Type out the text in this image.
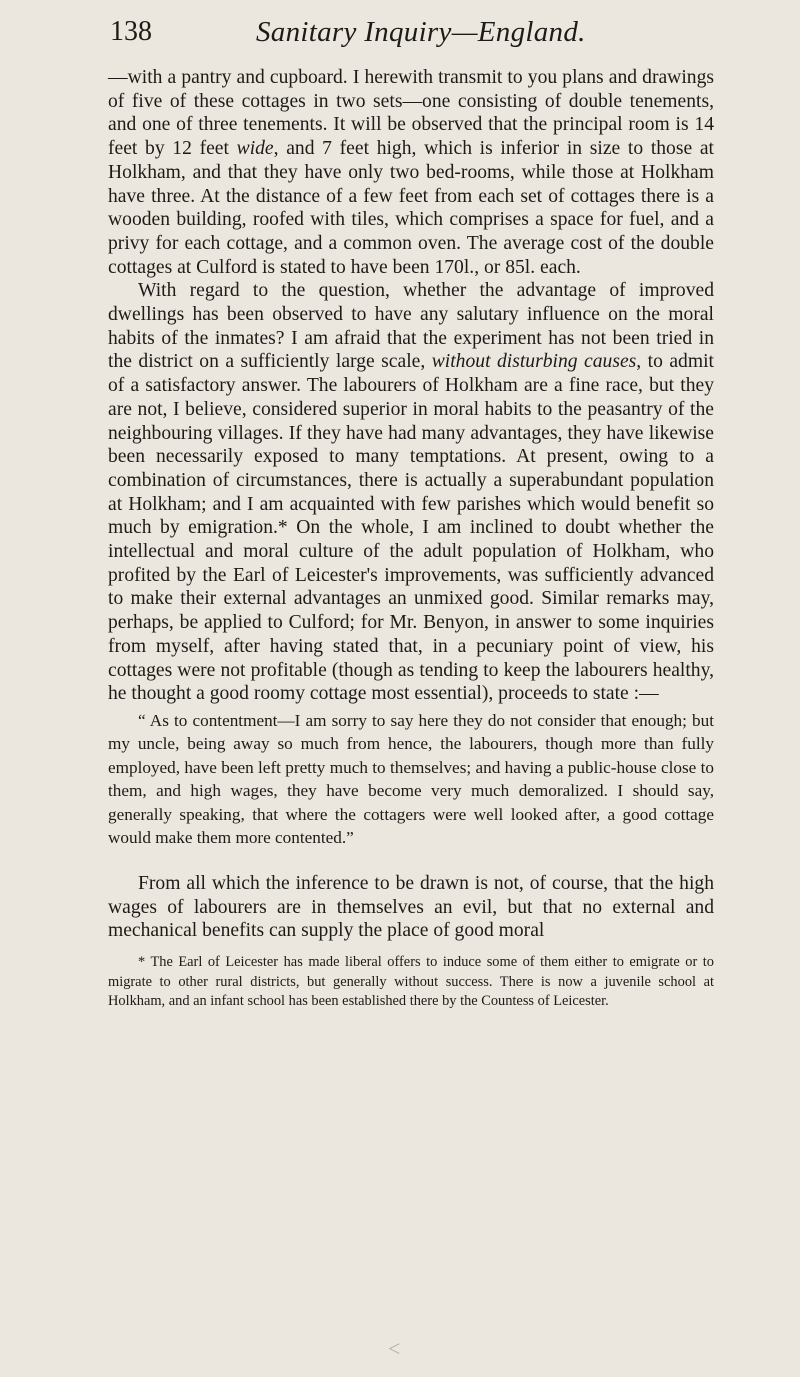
138	Sanitary Inquiry—England.

—with a pantry and cupboard. I herewith transmit to you plans and drawings of five of these cottages in two sets—one consisting of double tenements, and one of three tenements. It will be observed that the principal room is 14 feet by 12 feet wide, and 7 feet high, which is inferior in size to those at Holkham, and that they have only two bed-rooms, while those at Holkham have three. At the distance of a few feet from each set of cottages there is a wooden building, roofed with tiles, which comprises a space for fuel, and a privy for each cottage, and a common oven. The average cost of the double cottages at Culford is stated to have been 170l., or 85l. each.

With regard to the question, whether the advantage of improved dwellings has been observed to have any salutary influence on the moral habits of the inmates? I am afraid that the experiment has not been tried in the district on a sufficiently large scale, without disturbing causes, to admit of a satisfactory answer. The labourers of Holkham are a fine race, but they are not, I believe, considered superior in moral habits to the peasantry of the neighbouring villages. If they have had many advantages, they have likewise been necessarily exposed to many temptations. At present, owing to a combination of circumstances, there is actually a superabundant population at Holkham; and I am acquainted with few parishes which would benefit so much by emigration.* On the whole, I am inclined to doubt whether the intellectual and moral culture of the adult population of Holkham, who profited by the Earl of Leicester's improvements, was sufficiently advanced to make their external advantages an unmixed good. Similar remarks may, perhaps, be applied to Culford; for Mr. Benyon, in answer to some inquiries from myself, after having stated that, in a pecuniary point of view, his cottages were not profitable (though as tending to keep the labourers healthy, he thought a good roomy cottage most essential), proceeds to state :—

“ As to contentment—I am sorry to say here they do not consider that enough; but my uncle, being away so much from hence, the labourers, though more than fully employed, have been left pretty much to themselves; and having a public-house close to them, and high wages, they have become very much demoralized. I should say, generally speaking, that where the cottagers were well looked after, a good cottage would make them more contented.”

From all which the inference to be drawn is not, of course, that the high wages of labourers are in themselves an evil, but that no external and mechanical benefits can supply the place of good moral

* The Earl of Leicester has made liberal offers to induce some of them either to emigrate or to migrate to other rural districts, but generally without success. There is now a juvenile school at Holkham, and an infant school has been established there by the Countess of Leicester.

<
